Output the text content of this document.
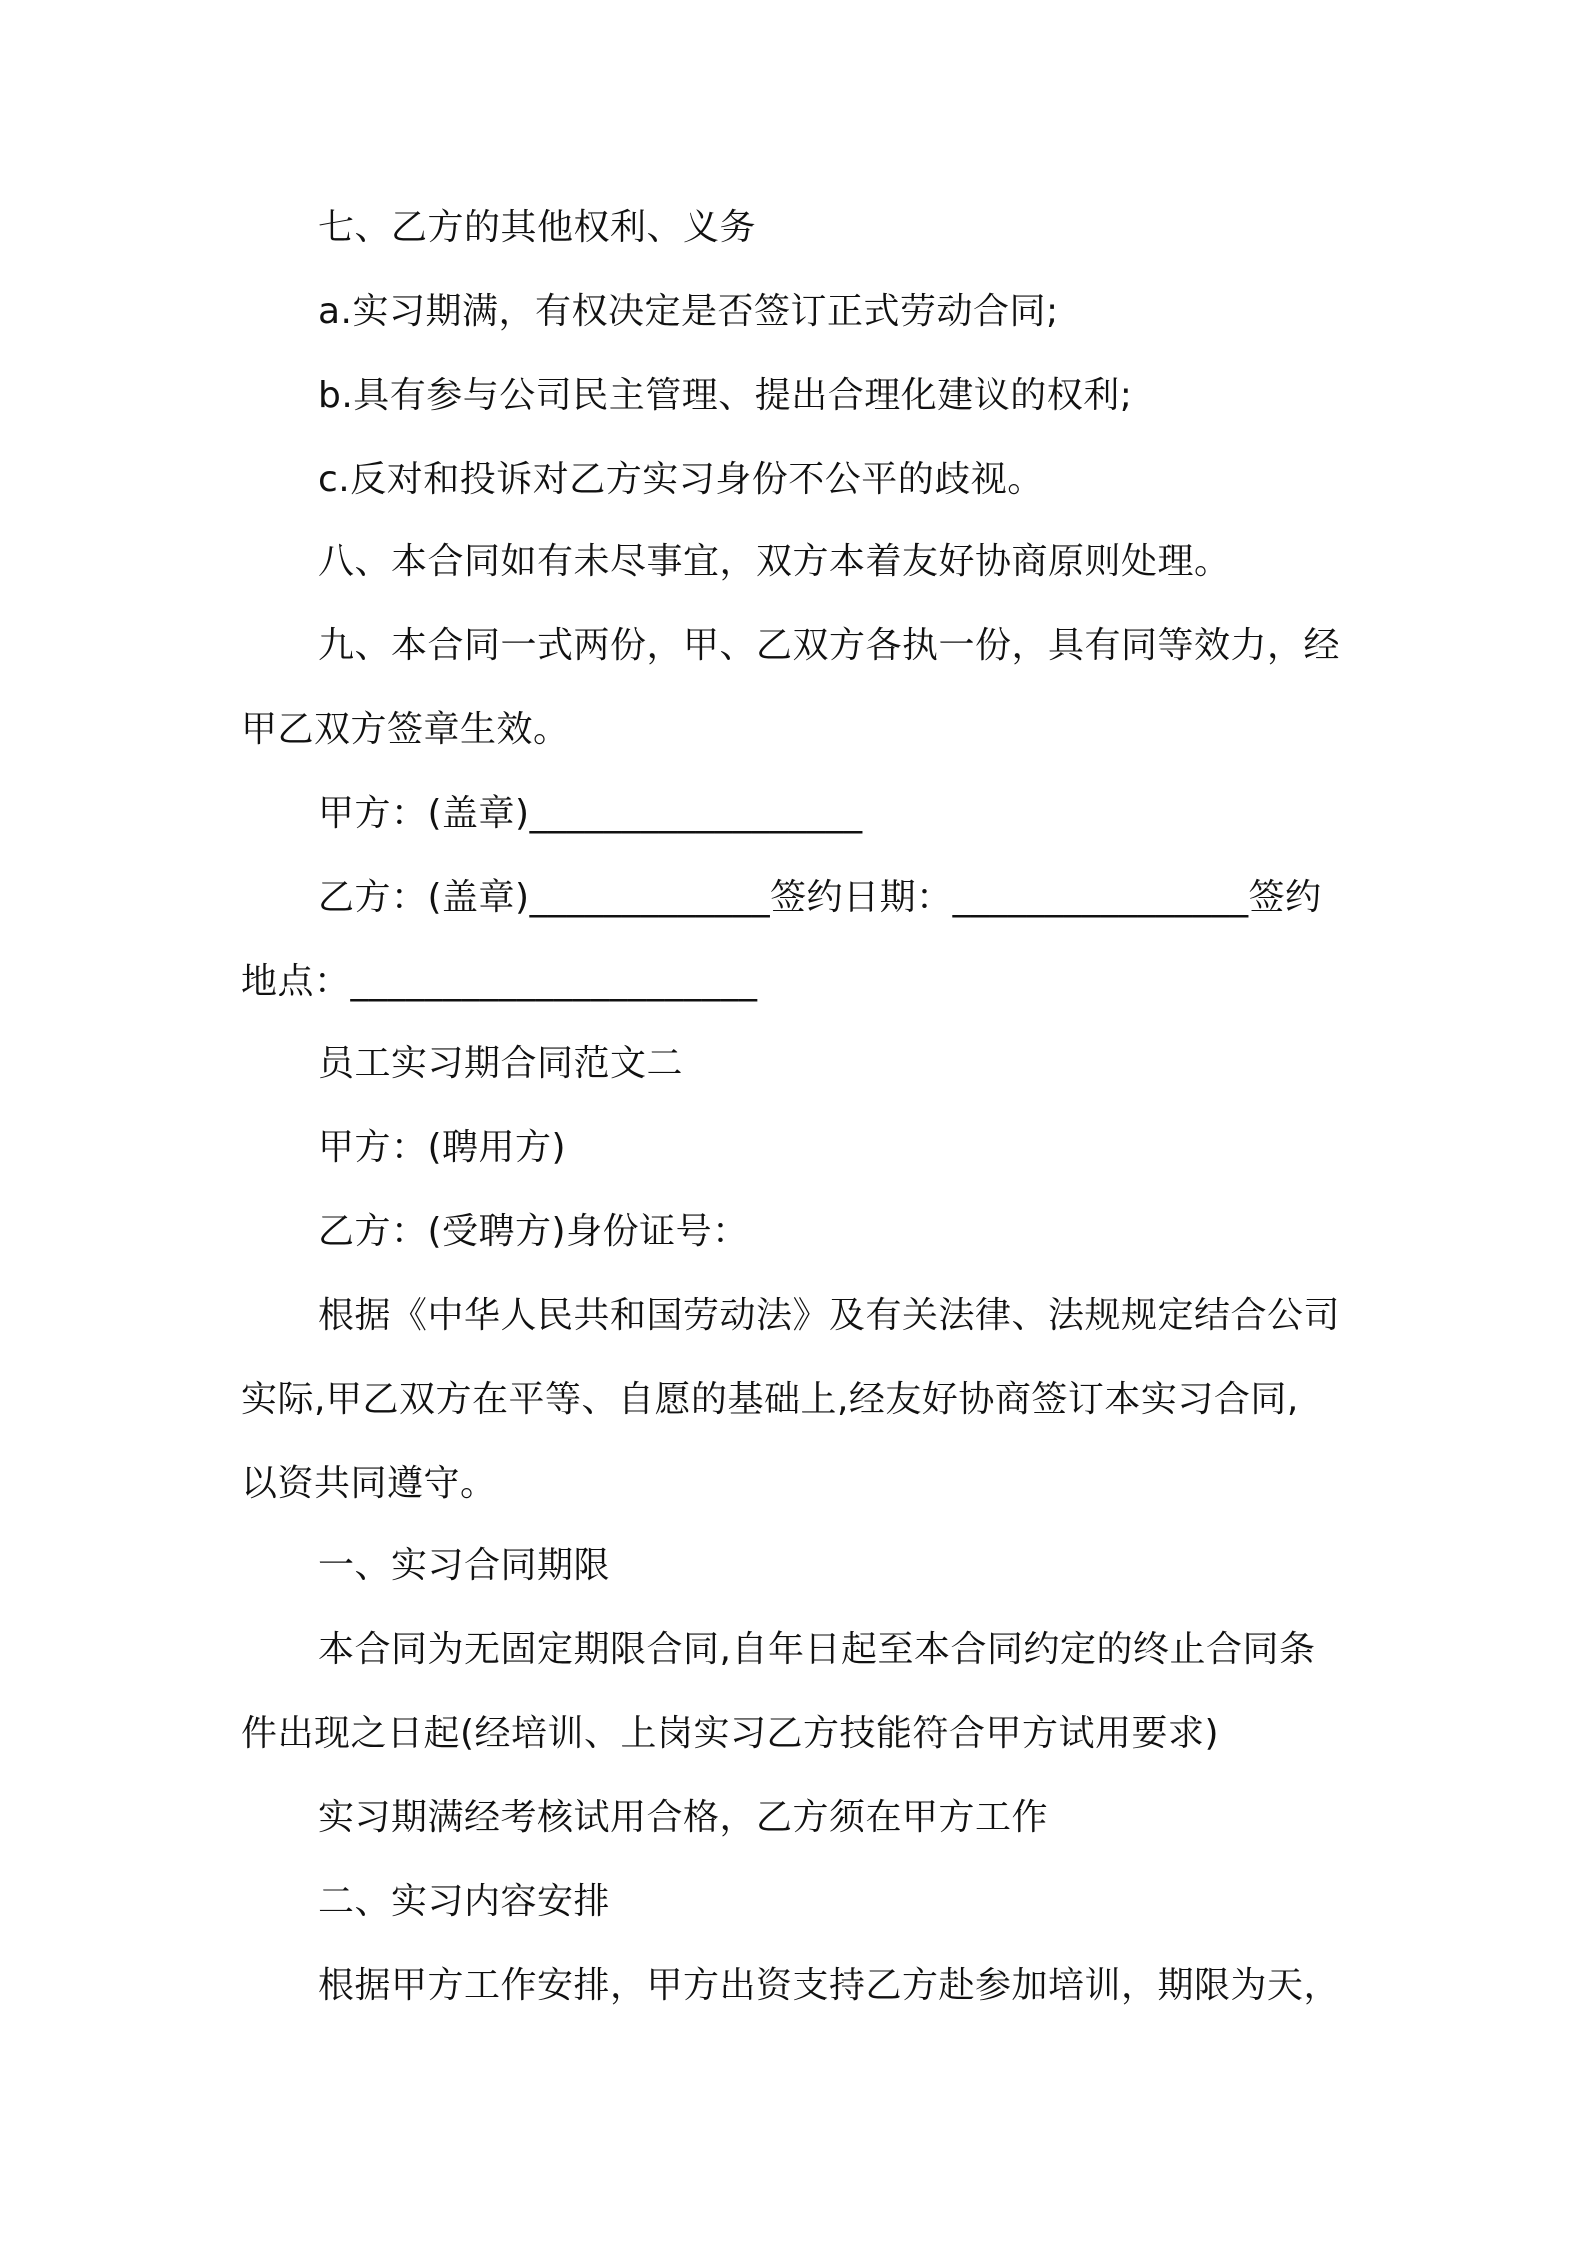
七、乙方的其他权利、义务
a.实习期满，有权决定是否签订正式劳动合同;
b.具有参与公司民主管理、提出合理化建议的权利;
c.反对和投诉对乙方实习身份不公平的歧视。
八、本合同如有未尽事宜，双方本着友好协商原则处理。
九、本合同一式两份，甲、乙双方各执一份，具有同等效力，经
甲乙双方签章生效。
甲方：(盖章)__________________
乙方：(盖章)_____________签约日期：________________签约
地点：______________________
员工实习期合同范文二
甲方：(聘用方)
乙方：(受聘方)身份证号：
根据《中华人民共和国劳动法》及有关法律、法规规定结合公司
实际,甲乙双方在平等、自愿的基础上,经友好协商签订本实习合同,
以资共同遵守。
一、实习合同期限
本合同为无固定期限合同,自年日起至本合同约定的终止合同条
件出现之日起(经培训、上岗实习乙方技能符合甲方试用要求)
实习期满经考核试用合格，乙方须在甲方工作
二、实习内容安排
根据甲方工作安排，甲方出资支持乙方赴参加培训，期限为天，
